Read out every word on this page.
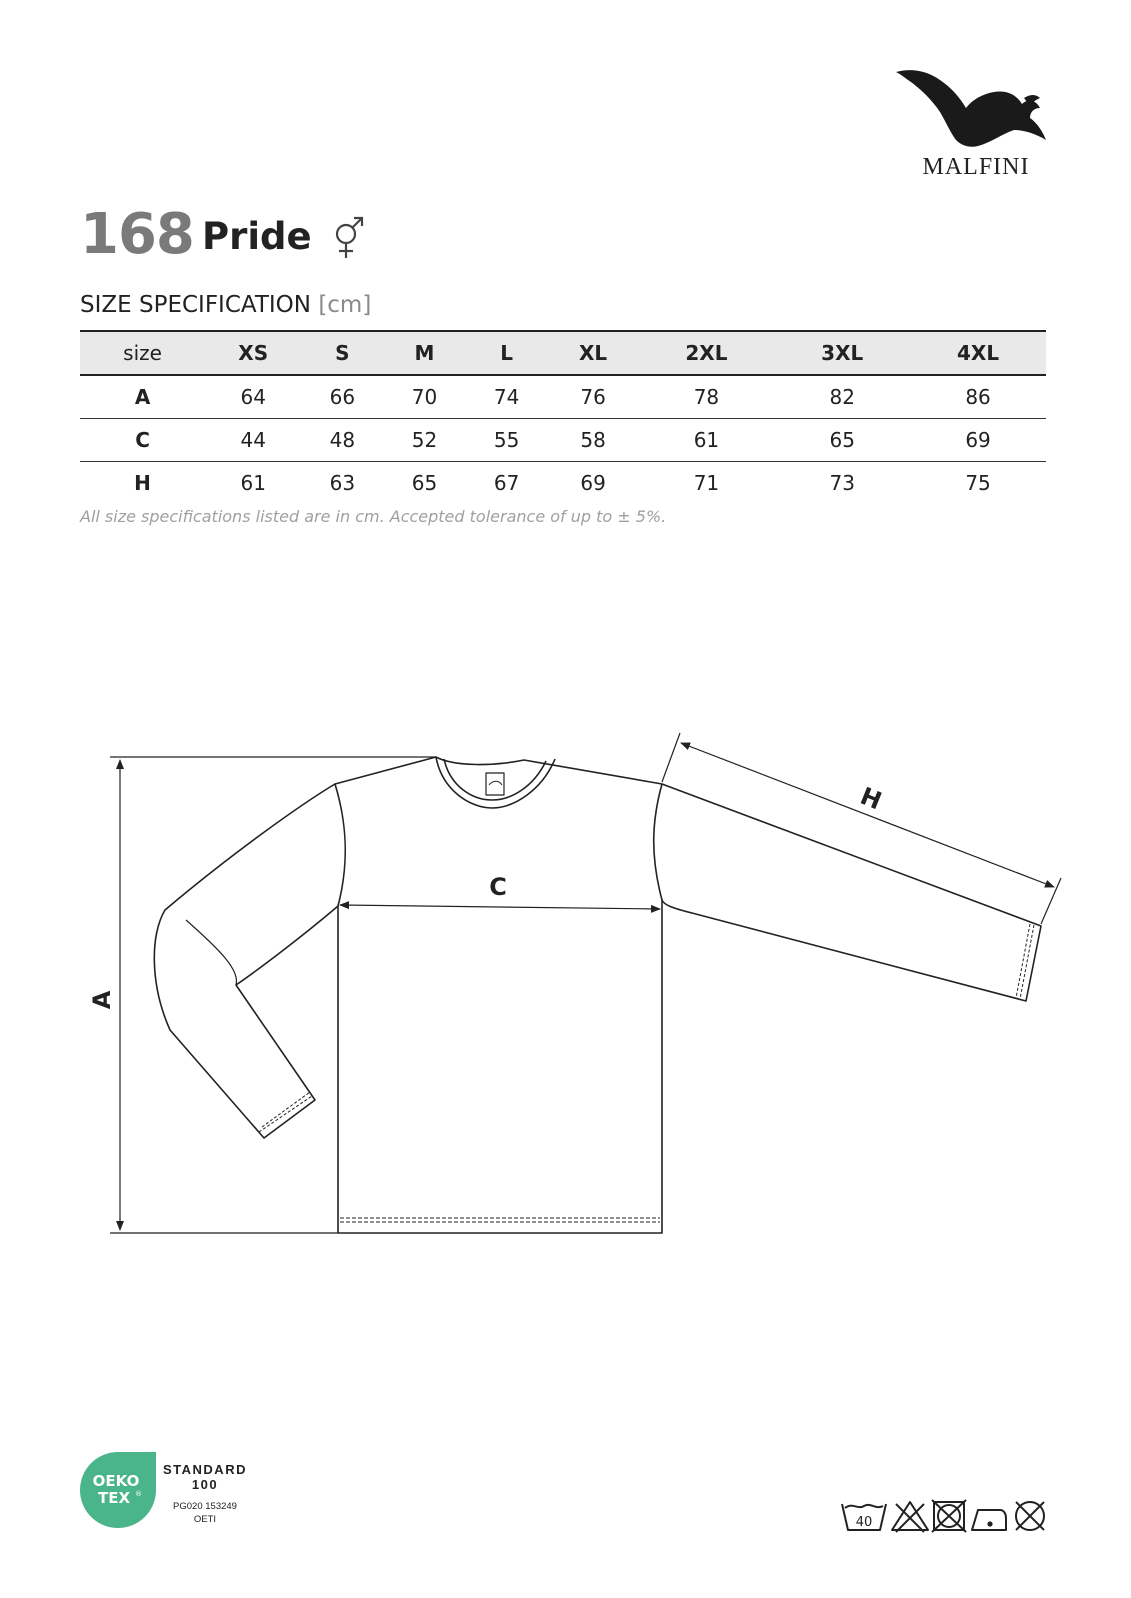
MALFINI
168 Pride
SIZE SPECIFICATION [cm]
size	XS	S	M	L	XL	2XL	3XL	4XL
A	64	66	70	74	76	78	82	86
C	44	48	52	55	58	61	65	69
H	61	63	65	67	69	71	73	75
All size specifications listed are in cm. Accepted tolerance of up to ± 5%.
A
C
H
OEKO
TEX ®
STANDARD
100
PG020 153249
OETI	40
